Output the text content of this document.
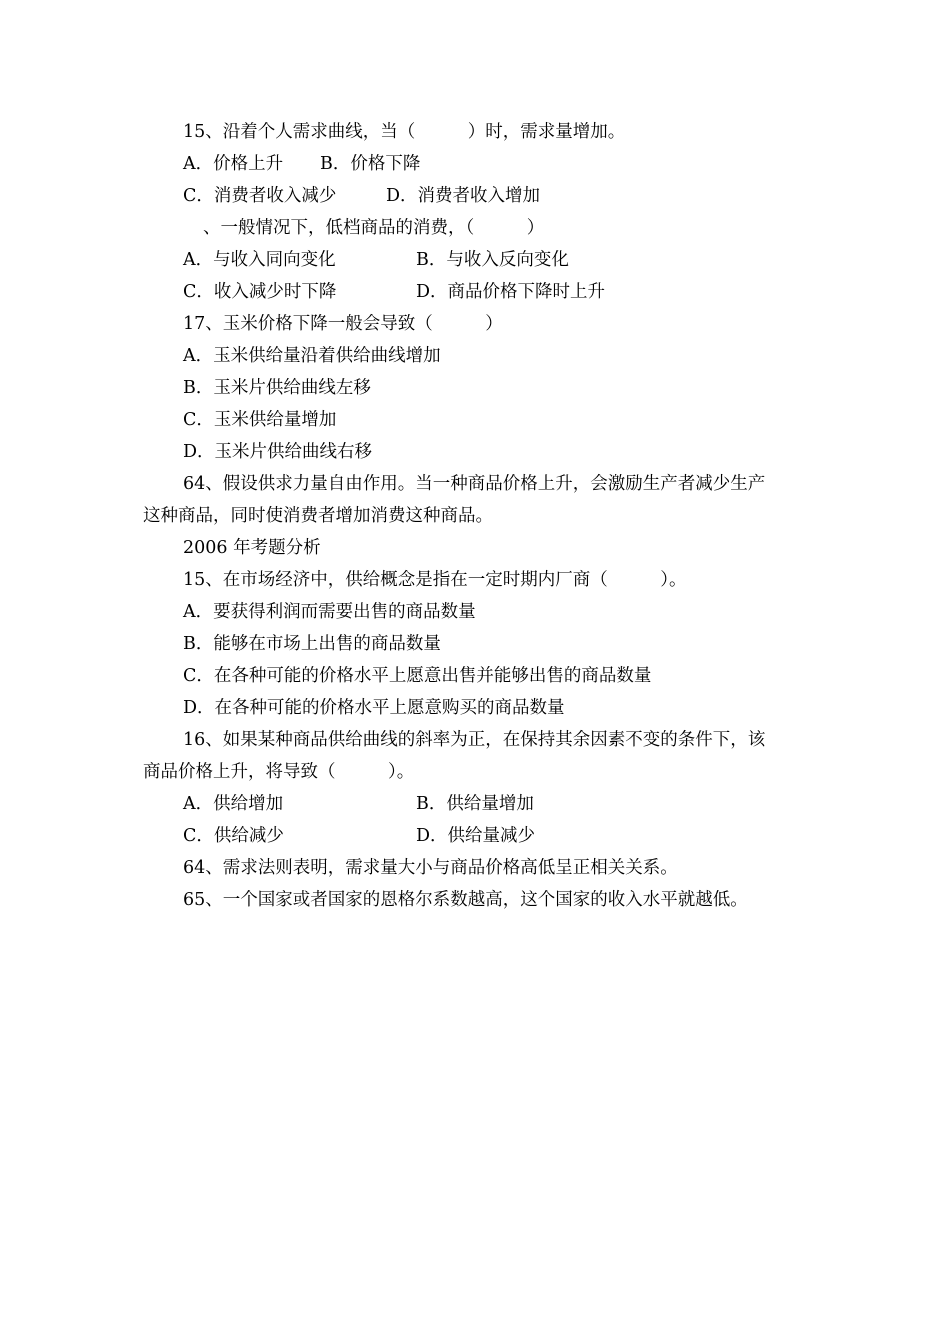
15、沿着个人需求曲线，当（　　　）时，需求量增加。
A．价格上升 B．价格下降
C．消费者收入减少	D．消费者收入增加
、一般情况下，低档商品的消费，（　　　）
A．与收入同向变化	B．与收入反向变化
C．收入减少时下降	D．商品价格下降时上升
17、玉米价格下降一般会导致（　　　）
A．玉米供给量沿着供给曲线增加
B．玉米片供给曲线左移
C．玉米供给量增加
D．玉米片供给曲线右移
64、假设供求力量自由作用。当一种商品价格上升，会激励生产者减少生产
这种商品，同时使消费者增加消费这种商品。
2006 年考题分析
15、在市场经济中，供给概念是指在一定时期内厂商（　　　）。
A．要获得利润而需要出售的商品数量
B．能够在市场上出售的商品数量
C．在各种可能的价格水平上愿意出售并能够出售的商品数量
D．在各种可能的价格水平上愿意购买的商品数量
16、如果某种商品供给曲线的斜率为正，在保持其余因素不变的条件下，该
商品价格上升，将导致（　　　）。
A．供给增加	B．供给量增加
C．供给减少	D．供给量减少
64、需求法则表明，需求量大小与商品价格高低呈正相关关系。
65、一个国家或者国家的恩格尔系数越高，这个国家的收入水平就越低。
